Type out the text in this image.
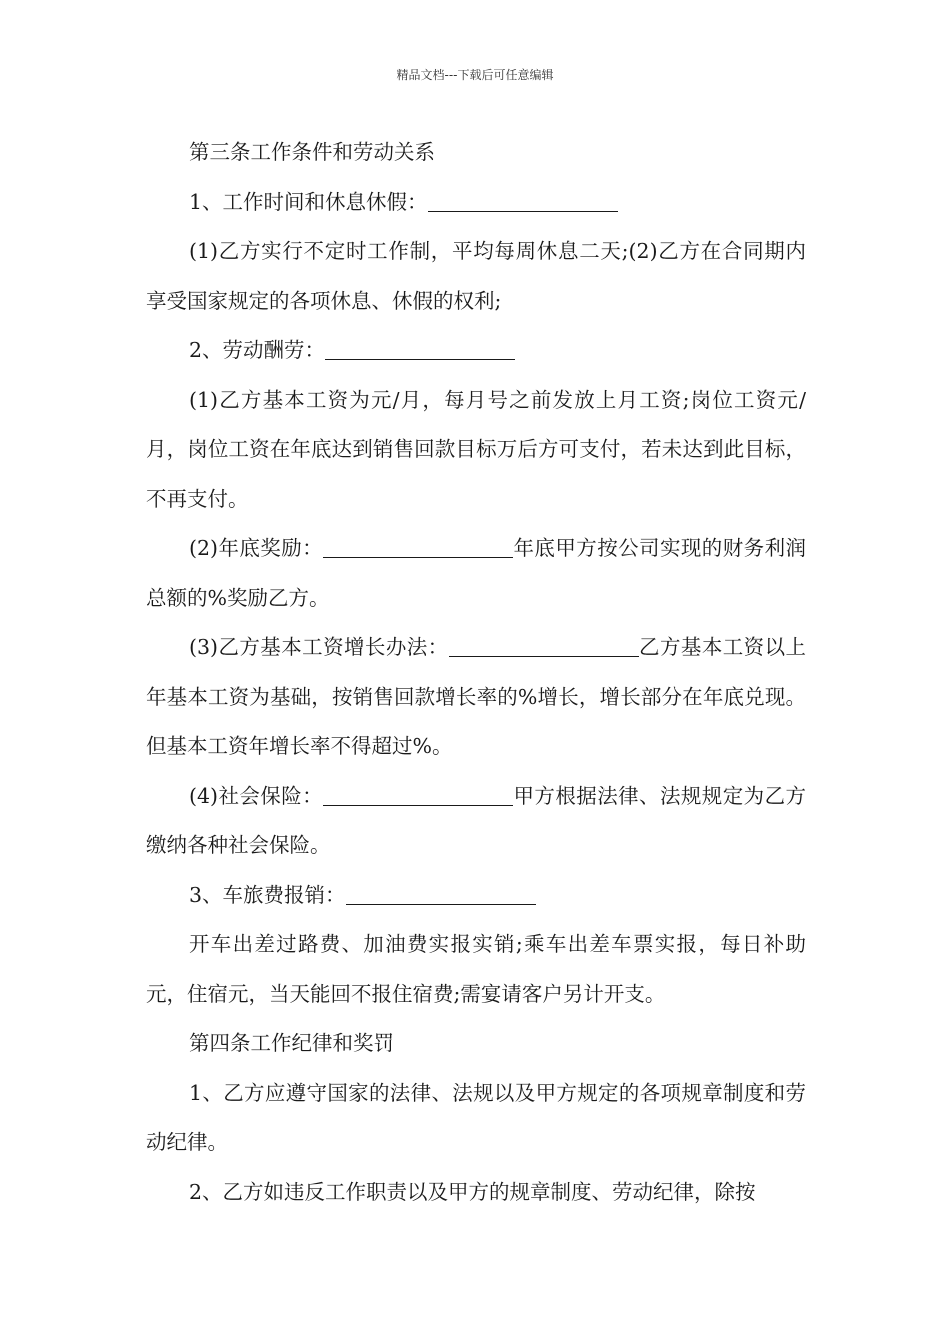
精品文档---下载后可任意编辑

第三条工作条件和劳动关系

1、工作时间和休息休假：

(1)乙方实行不定时工作制，平均每周休息二天;(2)乙方在合同期内享受国家规定的各项休息、休假的权利;

2、劳动酬劳：

(1)乙方基本工资为元/月，每月号之前发放上月工资;岗位工资元/月，岗位工资在年底达到销售回款目标万后方可支付，若未达到此目标，不再支付。

(2)年底奖励：	年底甲方按公司实现的财务利润总额的%奖励乙方。

(3)乙方基本工资增长办法：	乙方基本工资以上年基本工资为基础，按销售回款增长率的%增长，增长部分在年底兑现。但基本工资年增长率不得超过%。

(4)社会保险：	甲方根据法律、法规规定为乙方缴纳各种社会保险。

3、车旅费报销：

开车出差过路费、加油费实报实销;乘车出差车票实报，每日补助元，住宿元，当天能回不报住宿费;需宴请客户另计开支。

第四条工作纪律和奖罚

1、乙方应遵守国家的法律、法规以及甲方规定的各项规章制度和劳动纪律。

2、乙方如违反工作职责以及甲方的规章制度、劳动纪律，除按
